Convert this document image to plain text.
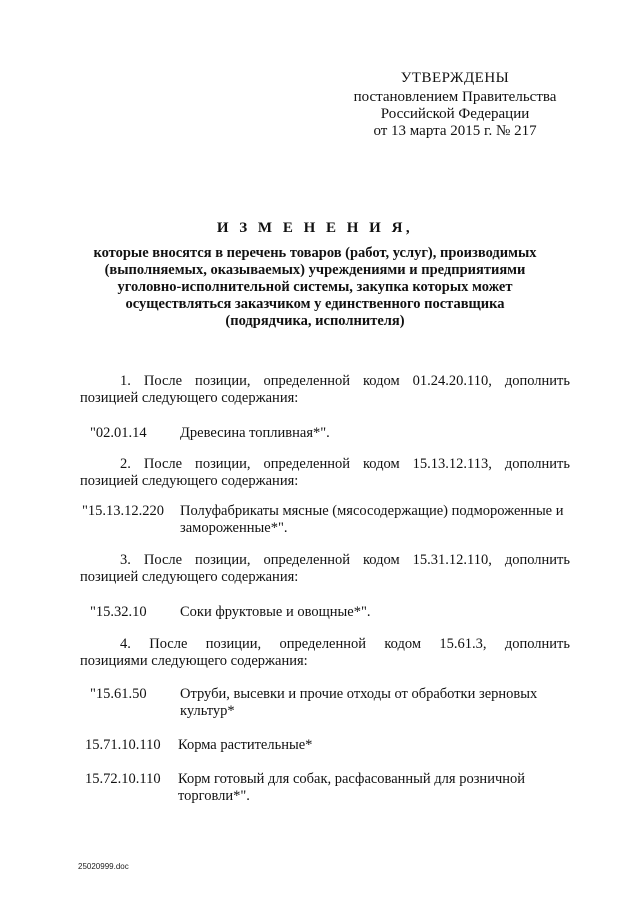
УТВЕРЖДЕНЫ
постановлением Правительства
Российской Федерации
от 13 марта 2015 г. № 217
И З М Е Н Е Н И Я,
которые вносятся в перечень товаров (работ, услуг), производимых
(выполняемых, оказываемых) учреждениями и предприятиями
уголовно-исполнительной системы, закупка которых может
осуществляться заказчиком у единственного поставщика
(подрядчика, исполнителя)
1. После позиции, определенной кодом 01.24.20.110, дополнить
позицией следующего содержания:
"02.01.14 Древесина топливная*".
2. После позиции, определенной кодом 15.13.12.113, дополнить
позицией следующего содержания:
"15.13.12.220 Полуфабрикаты мясные (мясосодержащие) подмороженные и замороженные*".
3. После позиции, определенной кодом 15.31.12.110, дополнить
позицией следующего содержания:
"15.32.10 Соки фруктовые и овощные*".
4. После позиции, определенной кодом 15.61.3, дополнить
позициями следующего содержания:
"15.61.50 Отруби, высевки и прочие отходы от обработки зерновых культур*
15.71.10.110 Корма растительные*
15.72.10.110 Корм готовый для собак, расфасованный для розничной торговли*".
25020999.doc
